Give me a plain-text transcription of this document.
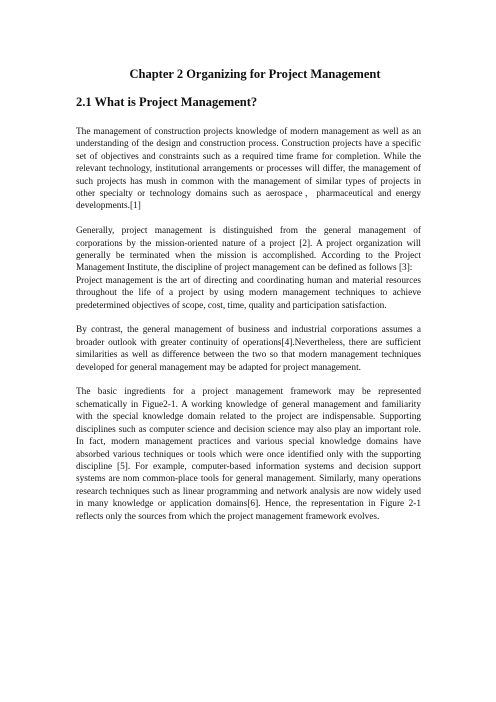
Chapter 2 Organizing for Project Management
2.1 What is Project Management?

The management of construction projects knowledge of modern management as well as an understanding of the design and construction process. Construction projects have a specific set of objectives and constraints such as a required time frame for completion. While the relevant technology, institutional arrangements or processes will differ, the management of such projects has mush in common with the management of similar types of projects in other specialty or technology domains such as aerospace，pharmaceutical and energy developments.[1]

Generally, project management is distinguished from the general management of corporations by the mission-oriented nature of a project [2]. A project organization will generally be terminated when the mission is accomplished. According to the Project Management Institute, the discipline of project management can be defined as follows [3]:

Project management is the art of directing and coordinating human and material resources throughout the life of a project by using modern management techniques to achieve predetermined objectives of scope, cost, time, quality and participation satisfaction.

By contrast, the general management of business and industrial corporations assumes a broader outlook with greater continuity of operations[4].Nevertheless, there are sufficient similarities as well as difference between the two so that modern management techniques developed for general management may be adapted for project management.

The basic ingredients for a project management framework may be represented schematically in Figue2-1. A working knowledge of general management and familiarity with the special knowledge domain related to the project are indispensable. Supporting disciplines such as computer science and decision science may also play an important role. In fact, modern management practices and various special knowledge domains have absorbed various techniques or tools which were once identified only with the supporting discipline [5]. For example, computer-based information systems and decision support systems are nom common-place tools for general management. Similarly, many operations research techniques such as linear programming and network analysis are now widely used in many knowledge or application domains[6]. Hence, the representation in Figure 2-1 reflects only the sources from which the project management framework evolves.
